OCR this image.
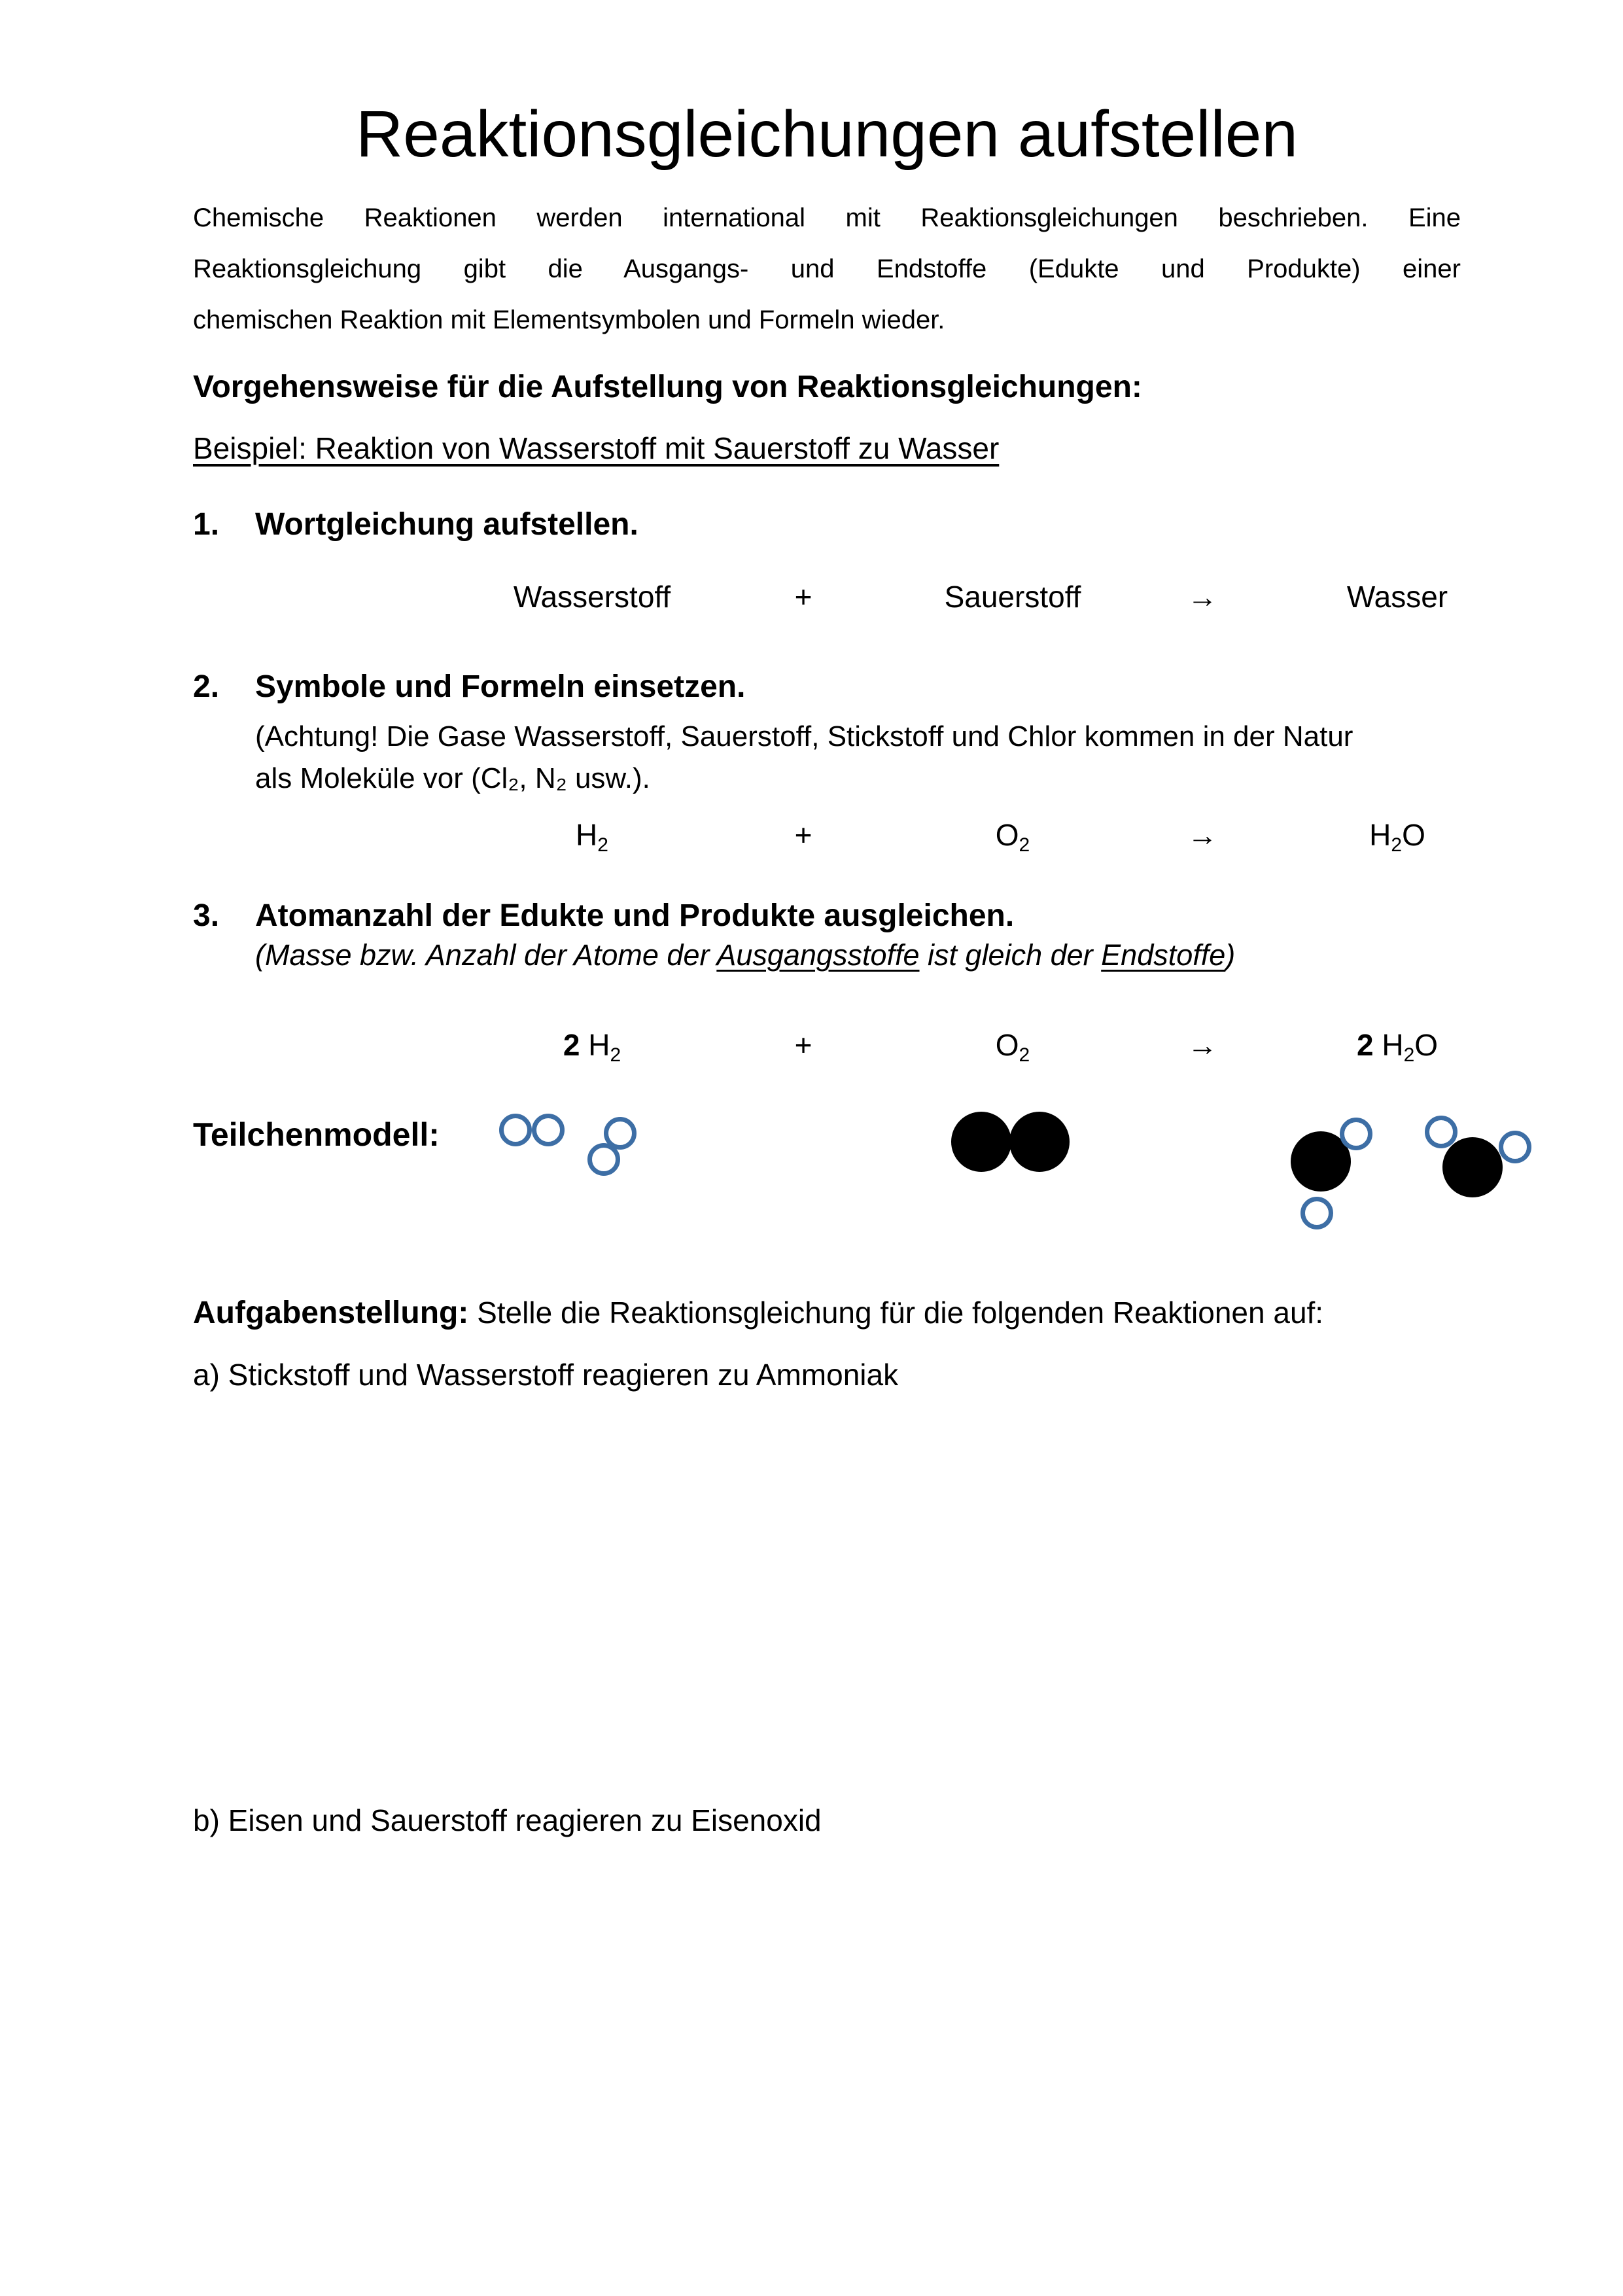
Reaktionsgleichungen aufstellen
Chemische Reaktionen werden international mit Reaktionsgleichungen beschrieben. Eine
Reaktionsgleichung gibt die Ausgangs- und Endstoffe (Edukte und Produkte) einer
chemischen Reaktion mit Elementsymbolen und Formeln wieder.
Vorgehensweise für die Aufstellung von Reaktionsgleichungen:
Beispiel: Reaktion von Wasserstoff mit Sauerstoff zu Wasser
1. Wortgleichung aufstellen.
Wasserstoff	+	Sauerstoff	→	Wasser
2. Symbole und Formeln einsetzen.
(Achtung! Die Gase Wasserstoff, Sauerstoff, Stickstoff und Chlor kommen in der Natur
als Moleküle vor (Cl₂, N₂ usw.).
H2	+	O2	→	H2O
3. Atomanzahl der Edukte und Produkte ausgleichen.
(Masse bzw. Anzahl der Atome der Ausgangsstoffe ist gleich der Endstoffe)
2 H2	+	O2	→	2 H2O
Teilchenmodell:
Aufgabenstellung: Stelle die Reaktionsgleichung für die folgenden Reaktionen auf:
a) Stickstoff und Wasserstoff reagieren zu Ammoniak
b) Eisen und Sauerstoff reagieren zu Eisenoxid
